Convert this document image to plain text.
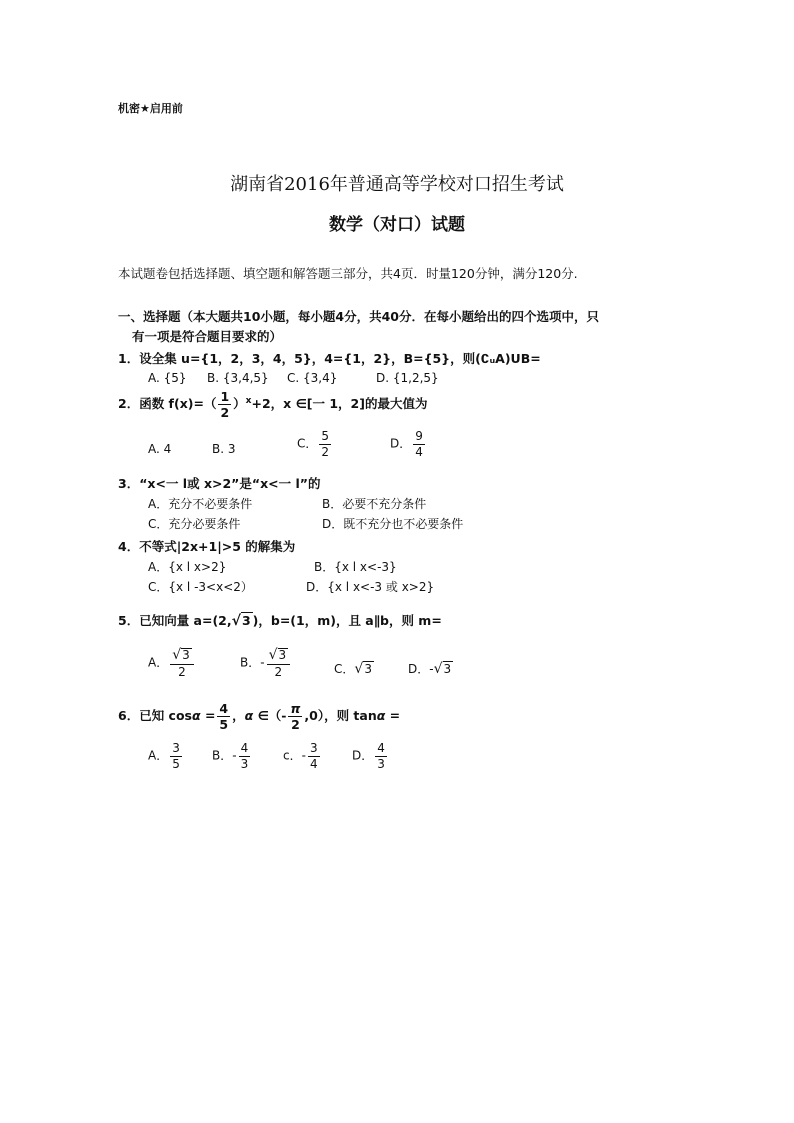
机密★启用前
湖南省2016年普通高等学校对口招生考试
数学（对口）试题
本试题卷包括选择题、填空题和解答题三部分，共4页．时量120分钟，满分120分.
一、选择题（本大题共10小题，每小题4分，共40分．在每小题给出的四个选项中，只
有一项是符合题目要求的）
1．设全集 u={1，2，3，4，5}，4={1，2}，B={5}，则(∁ᵤA)UB=
A. {5} B. {3,4,5} C. {3,4}	D. {1,2,5}
2．函数 $f(x)=( \frac{1}{2} )^x+2$，x ∈[一 1，2]的最大值为
A. 4	B. 3	C． $\frac{5}{2}$	D． $\frac{9}{4}$
3．“x<一 l或 x>2”是“x<一 l”的
A．充分不必要条件	B．必要不充分条件
C．充分必要条件	D．既不充分也不必要条件
4．不等式|2x+1|>5 的解集为
A．{x l x>2}	B．{x l x<-3}
C．{x l -3<x<2）	D．{x l x<-3 或 x>2}
5．已知向量 a=(2,√3 )，b=(1，m)，且 a∥b，则 m=
A． $\frac{√3}{2}$	B．- $\frac{√3}{2}$	C．√3	D．-√3
6．已知 $\cos\alpha = \frac{4}{5}$ ，α ∈（- $\frac{\pi}{2} ,0$），则 tanα =
A． $\frac{3}{5}$	B．- $\frac{4}{3}$	c．- $\frac{3}{4}$	D． $\frac{4}{3}$
